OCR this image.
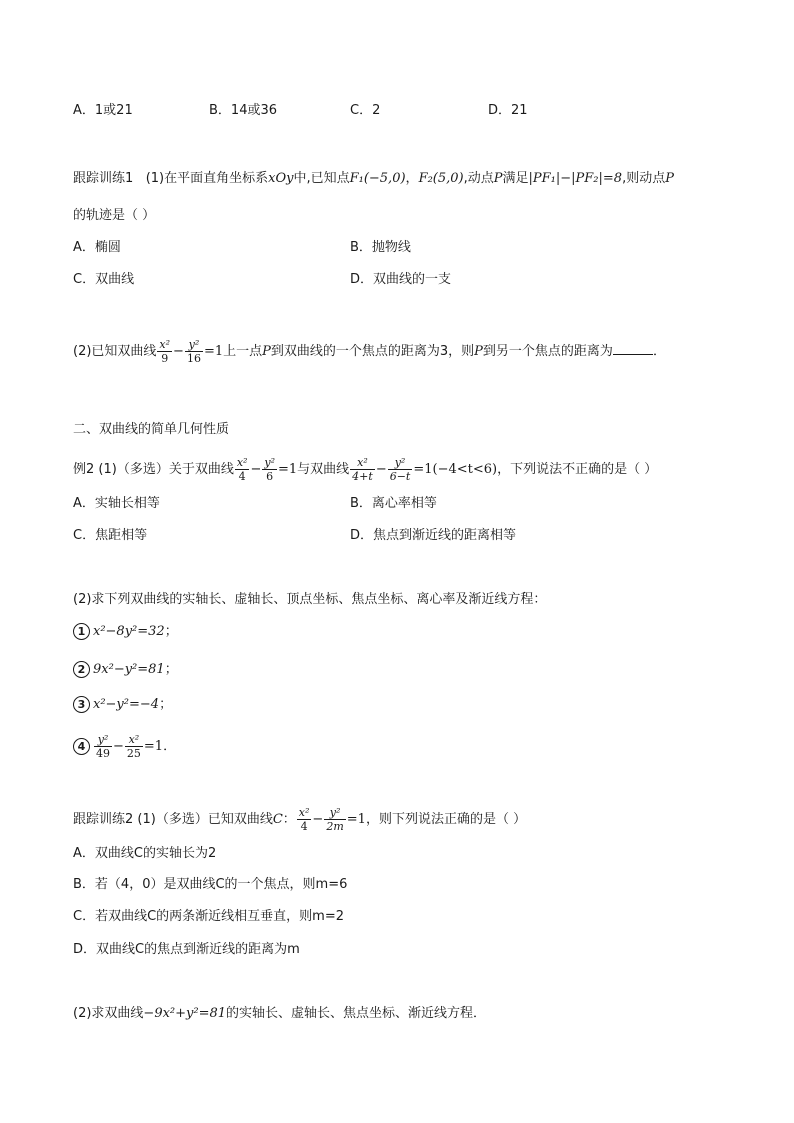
A．1或21	B．14或36	C．2	D．21
跟踪训练1 (1)在平面直角坐标系xOy中,已知点F₁(−5,0)，F₂(5,0),动点P满足|PF₁|−|PF₂|=8,则动点P
的轨迹是（ ）
A．椭圆	B．抛物线
C．双曲线	D．双曲线的一支
(2)已知双曲线 $\frac{\text{x²}}{9} - \frac{\text{y²}}{16} =1$上一点P到双曲线的一个焦点的距离为3，则P到另一个焦点的距离为	．
二、双曲线的简单几何性质
例2 (1)（多选）关于双曲线 $\frac{\text{x²}}{4} - \frac{\text{y²}}{6} =1$与双曲线 $\frac{\text{x²}}{4+t} - \frac{\text{y²}}{6-t} =1(-4<t<6)$，下列说法不正确的是（ ）
A．实轴长相等	B．离心率相等
C．焦距相等	D．焦点到渐近线的距离相等
(2)求下列双曲线的实轴长、虚轴长、顶点坐标、焦点坐标、离心率及渐近线方程：
1 x²−8y²=32；
2 9x²−y²=81；
3 x²−y²=−4；
$4 \frac{\text{y²}}{49} - \frac{\text{x²}}{25} =1$．
跟踪训练2 (1)（多选）已知双曲线C： $\frac{\text{x²}}{4} - \frac{\text{y²}}{2m} =1$，则下列说法正确的是（ ）
A．双曲线C的实轴长为2
B．若（4，0）是双曲线C的一个焦点，则m=6
C．若双曲线C的两条渐近线相互垂直，则m=2
D．双曲线C的焦点到渐近线的距离为m
(2)求双曲线−9x²+y²=81的实轴长、虚轴长、焦点坐标、渐近线方程．
